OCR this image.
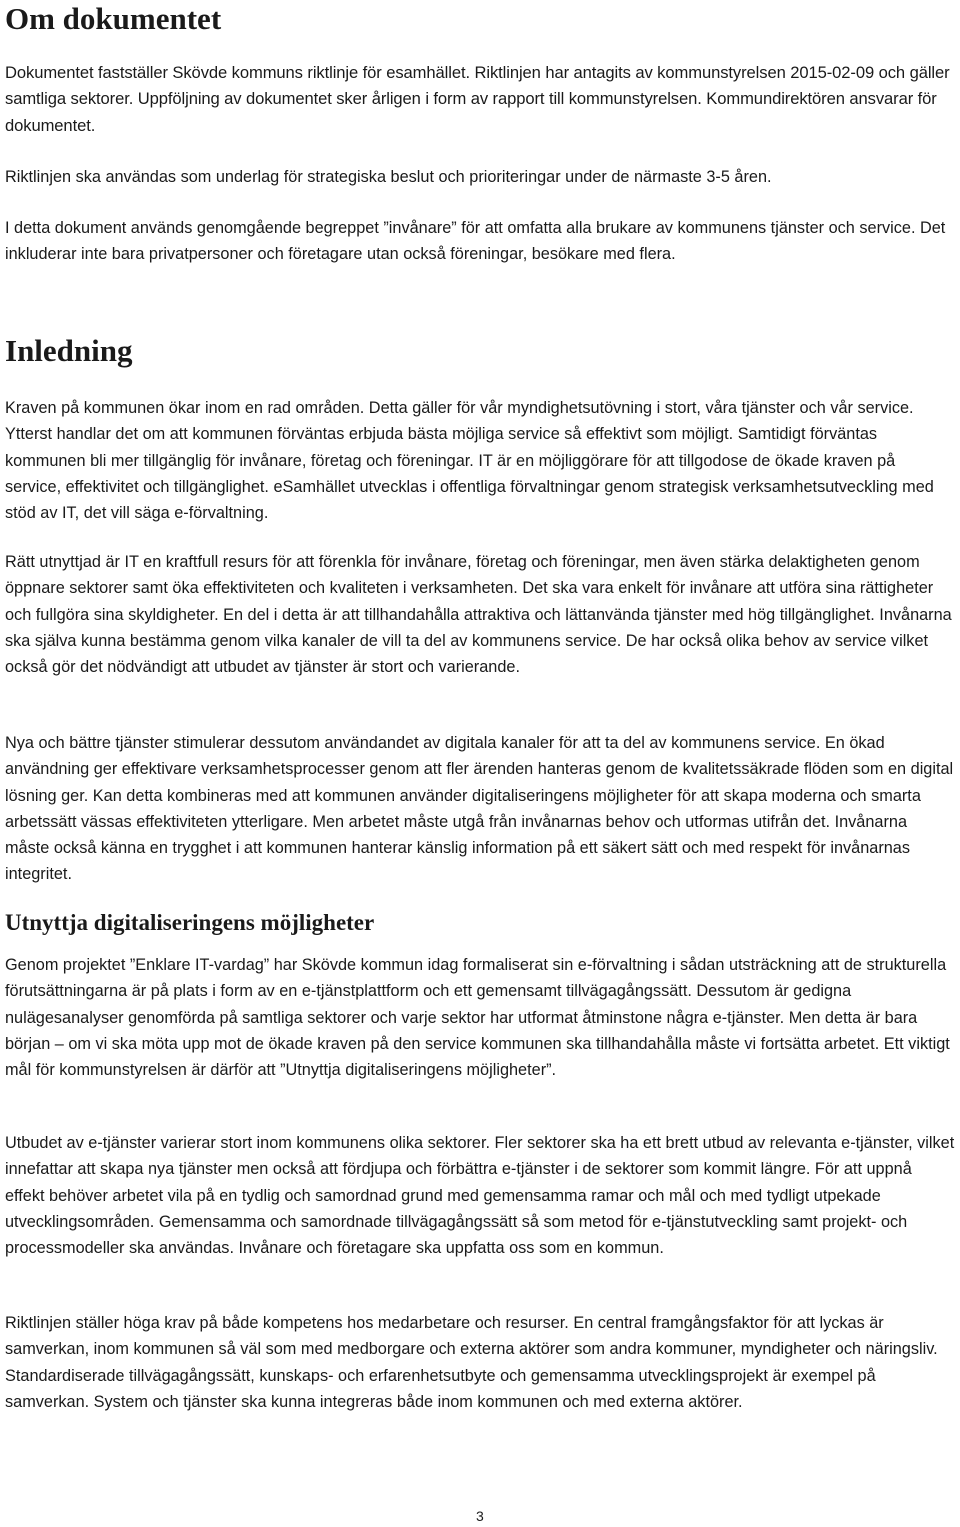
Om dokumentet

Dokumentet fastställer Skövde kommuns riktlinje för esamhället. Riktlinjen har antagits av kommunstyrelsen 2015-02-09 och gäller samtliga sektorer. Uppföljning av dokumentet sker årligen i form av rapport till kommunstyrelsen. Kommundirektören ansvarar för dokumentet.

Riktlinjen ska användas som underlag för strategiska beslut och prioriteringar under de närmaste 3-5 åren.

I detta dokument används genomgående begreppet ”invånare” för att omfatta alla brukare av kommunens tjänster och service. Det inkluderar inte bara privatpersoner och företagare utan också föreningar, besökare med flera.

Inledning

Kraven på kommunen ökar inom en rad områden. Detta gäller för vår myndighetsutövning i stort, våra tjänster och vår service. Ytterst handlar det om att kommunen förväntas erbjuda bästa möjliga service så effektivt som möjligt. Samtidigt förväntas kommunen bli mer tillgänglig för invånare, företag och föreningar. IT är en möjliggörare för att tillgodose de ökade kraven på service, effektivitet och tillgänglighet. eSamhället utvecklas i offentliga förvaltningar genom strategisk verksamhetsutveckling med stöd av IT, det vill säga e-förvaltning.

Rätt utnyttjad är IT en kraftfull resurs för att förenkla för invånare, företag och föreningar, men även stärka delaktigheten genom öppnare sektorer samt öka effektiviteten och kvaliteten i verksamheten. Det ska vara enkelt för invånare att utföra sina rättigheter och fullgöra sina skyldigheter. En del i detta är att tillhandahålla attraktiva och lättanvända tjänster med hög tillgänglighet. Invånarna ska själva kunna bestämma genom vilka kanaler de vill ta del av kommunens service. De har också olika behov av service vilket också gör det nödvändigt att utbudet av tjänster är stort och varierande.

Nya och bättre tjänster stimulerar dessutom användandet av digitala kanaler för att ta del av kommunens service. En ökad användning ger effektivare verksamhetsprocesser genom att fler ärenden hanteras genom de kvalitetssäkrade flöden som en digital lösning ger. Kan detta kombineras med att kommunen använder digitaliseringens möjligheter för att skapa moderna och smarta arbetssätt vässas effektiviteten ytterligare. Men arbetet måste utgå från invånarnas behov och utformas utifrån det. Invånarna måste också känna en trygghet i att kommunen hanterar känslig information på ett säkert sätt och med respekt för invånarnas integritet.

Utnyttja digitaliseringens möjligheter

Genom projektet ”Enklare IT-vardag” har Skövde kommun idag formaliserat sin e-förvaltning i sådan utsträckning att de strukturella förutsättningarna är på plats i form av en e-tjänstplattform och ett gemensamt tillvägagångssätt. Dessutom är gedigna nulägesanalyser genomförda på samtliga sektorer och varje sektor har utformat åtminstone några e-tjänster. Men detta är bara början – om vi ska möta upp mot de ökade kraven på den service kommunen ska tillhandahålla måste vi fortsätta arbetet. Ett viktigt mål för kommunstyrelsen är därför att ”Utnyttja digitaliseringens möjligheter”.

Utbudet av e-tjänster varierar stort inom kommunens olika sektorer. Fler sektorer ska ha ett brett utbud av relevanta e-tjänster, vilket innefattar att skapa nya tjänster men också att fördjupa och förbättra e-tjänster i de sektorer som kommit längre. För att uppnå effekt behöver arbetet vila på en tydlig och samordnad grund med gemensamma ramar och mål och med tydligt utpekade utvecklingsområden. Gemensamma och samordnade tillvägagångssätt så som metod för e-tjänstutveckling samt projekt- och processmodeller ska användas. Invånare och företagare ska uppfatta oss som en kommun.

Riktlinjen ställer höga krav på både kompetens hos medarbetare och resurser. En central framgångsfaktor för att lyckas är samverkan, inom kommunen så väl som med medborgare och externa aktörer som andra kommuner, myndigheter och näringsliv. Standardiserade tillvägagångssätt, kunskaps- och erfarenhetsutbyte och gemensamma utvecklingsprojekt är exempel på samverkan. System och tjänster ska kunna integreras både inom kommunen och med externa aktörer.

3
